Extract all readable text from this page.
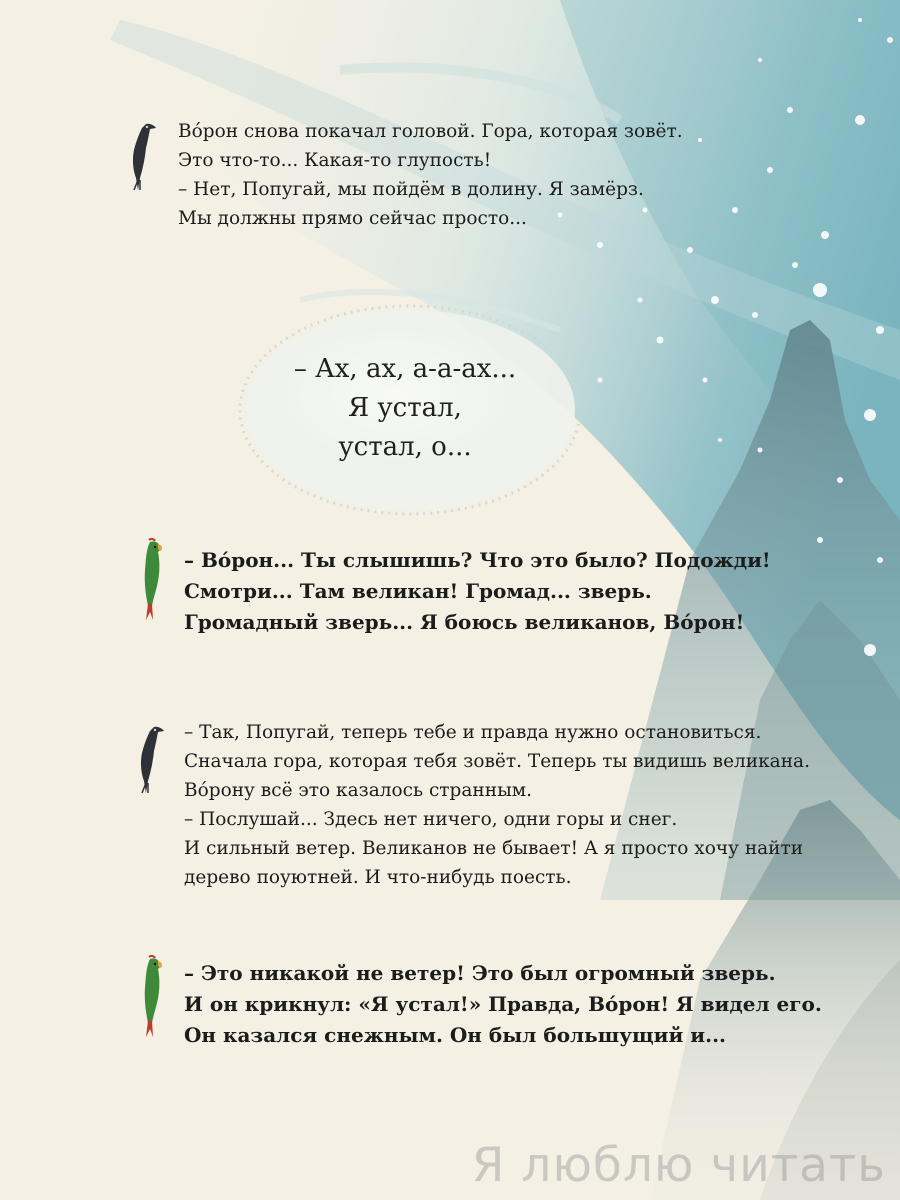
Во́рон снова покачал головой. Гора, которая зовёт.
Это что-то... Какая-то глупость!
– Нет, Попугай, мы пойдём в долину. Я замёрз.
Мы должны прямо сейчас просто...
– Ах, ах, а-а-ах...
Я устал,
устал, о...
– Во́рон... Ты слышишь? Что это было? Подожди!
Смотри... Там великан! Громад... зверь.
Громадный зверь... Я боюсь великанов, Во́рон!
– Так, Попугай, теперь тебе и правда нужно остановиться.
Сначала гора, которая тебя зовёт. Теперь ты видишь великана.
Во́рону всё это казалось странным.
– Послушай... Здесь нет ничего, одни горы и снег.
И сильный ветер. Великанов не бывает! А я просто хочу найти
дерево поуютней. И что-нибудь поесть.
– Это никакой не ветер! Это был огромный зверь.
И он крикнул: «Я устал!» Правда, Во́рон! Я видел его.
Он казался снежным. Он был большущий и...
Я люблю читать
